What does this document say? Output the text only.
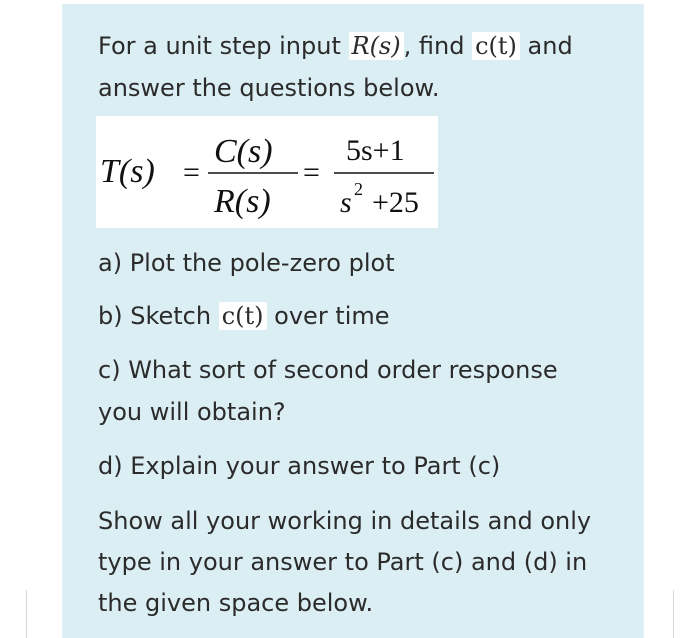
For a unit step input R(s) , find c(t) and
answer the questions below.
T(s) =
C(s)
R(s)
=
5s+1
s 2 +25
a) Plot the pole-zero plot
b) Sketch c(t) over time
c) What sort of second order response
you will obtain?
d) Explain your answer to Part (c)
Show all your working in details and only
type in your answer to Part (c) and (d) in
the given space below.
